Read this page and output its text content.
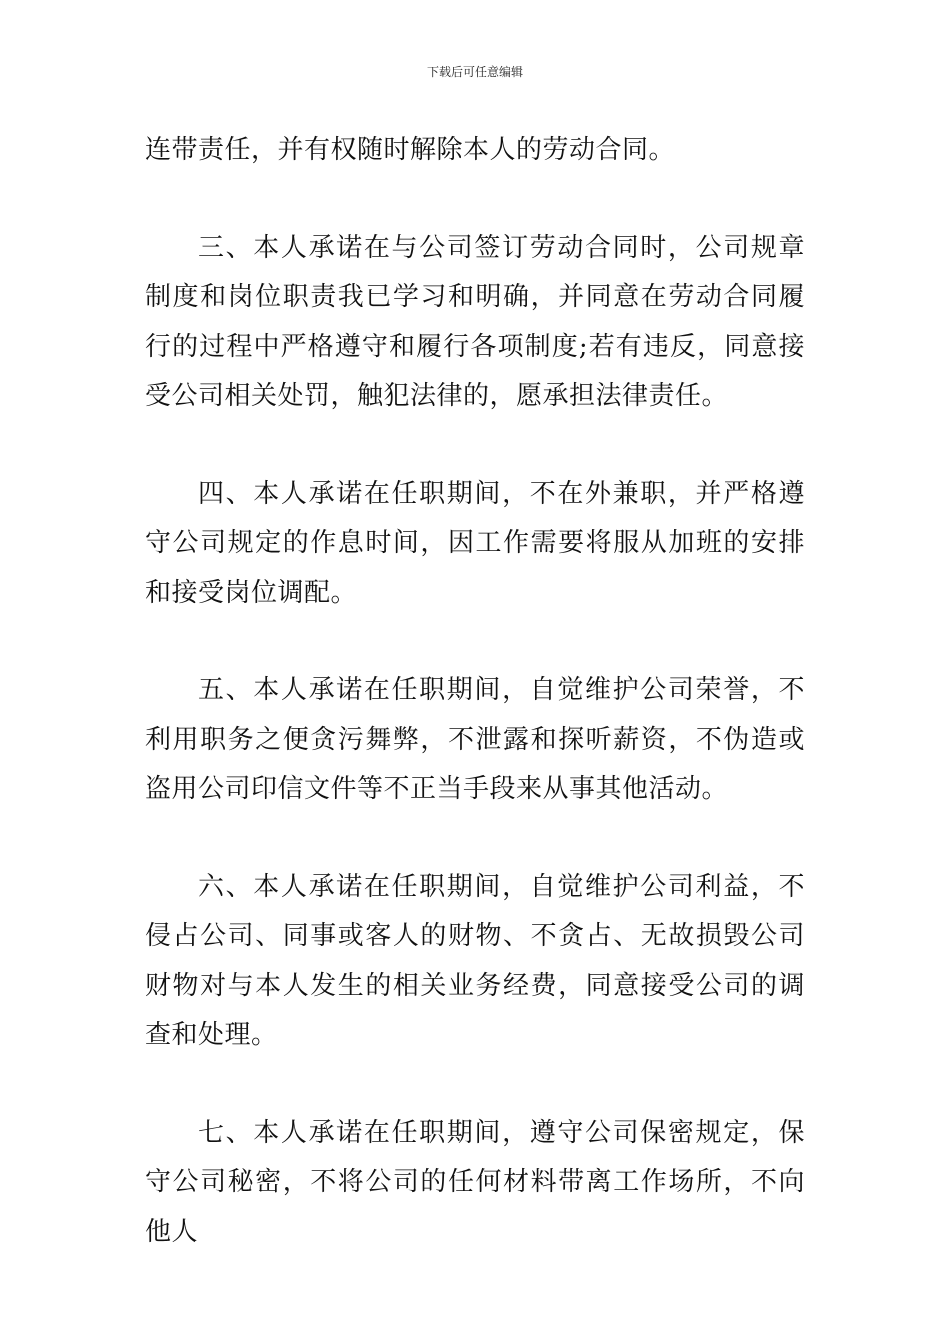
下载后可任意编辑

连带责任，并有权随时解除本人的劳动合同。

三、本人承诺在与公司签订劳动合同时，公司规章制度和岗位职责我已学习和明确，并同意在劳动合同履行的过程中严格遵守和履行各项制度;若有违反，同意接受公司相关处罚，触犯法律的，愿承担法律责任。

四、本人承诺在任职期间，不在外兼职，并严格遵守公司规定的作息时间，因工作需要将服从加班的安排和接受岗位调配。

五、本人承诺在任职期间，自觉维护公司荣誉，不利用职务之便贪污舞弊，不泄露和探听薪资，不伪造或盗用公司印信文件等不正当手段来从事其他活动。

六、本人承诺在任职期间，自觉维护公司利益，不侵占公司、同事或客人的财物、不贪占、无故损毁公司财物对与本人发生的相关业务经费，同意接受公司的调查和处理。

七、本人承诺在任职期间，遵守公司保密规定，保守公司秘密，不将公司的任何材料带离工作场所，不向他人
